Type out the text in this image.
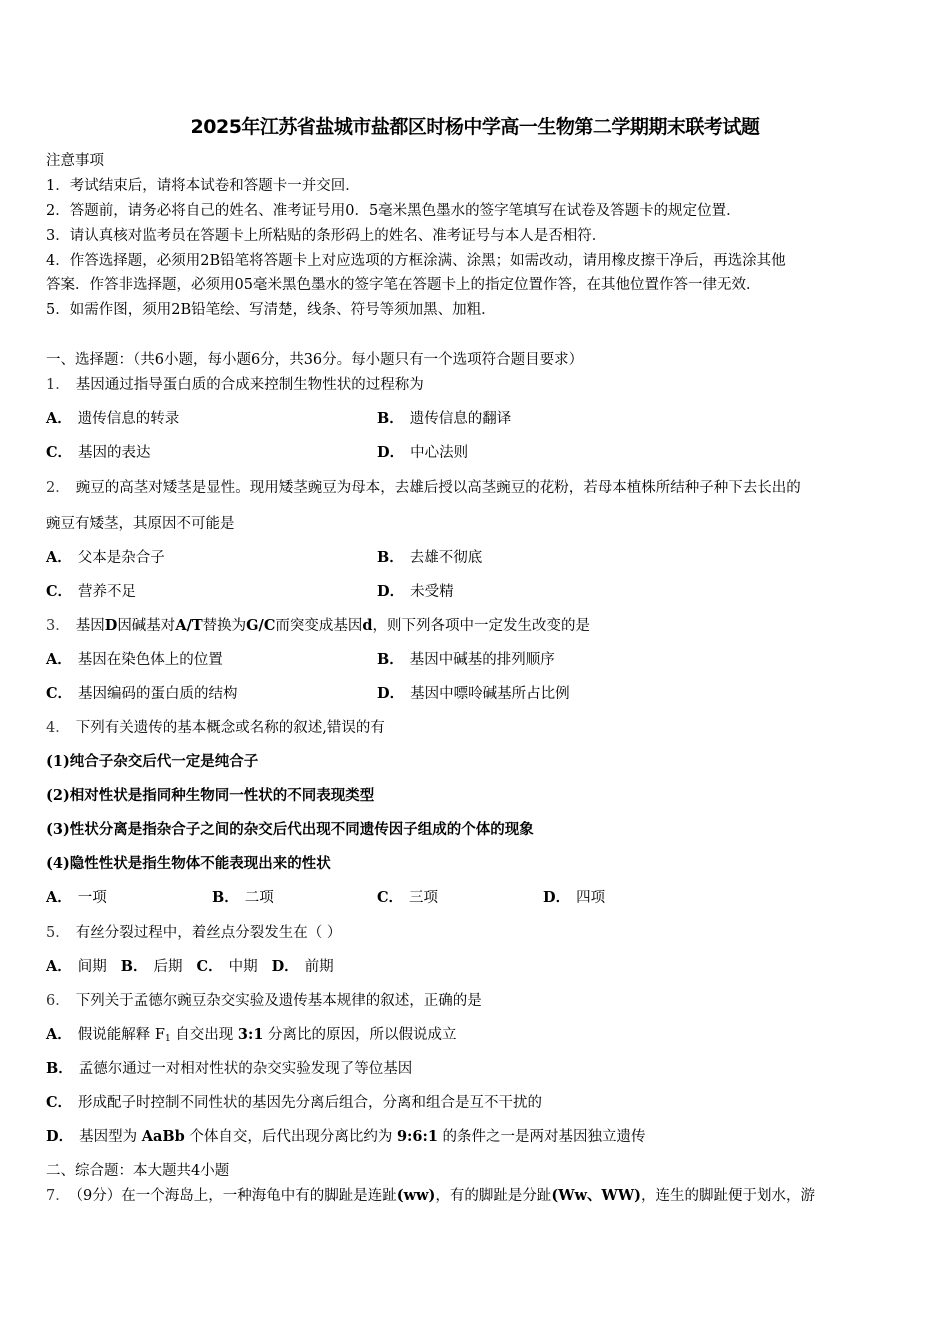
2025年江苏省盐城市盐都区时杨中学高一生物第二学期期末联考试题
注意事项
1．考试结束后，请将本试卷和答题卡一并交回．
2．答题前，请务必将自己的姓名、准考证号用0．5毫米黑色墨水的签字笔填写在试卷及答题卡的规定位置．
3．请认真核对监考员在答题卡上所粘贴的条形码上的姓名、准考证号与本人是否相符．
4．作答选择题，必须用2B铅笔将答题卡上对应选项的方框涂满、涂黑；如需改动，请用橡皮擦干净后，再选涂其他
答案．作答非选择题，必须用05毫米黑色墨水的签字笔在答题卡上的指定位置作答，在其他位置作答一律无效．
5．如需作图，须用2B铅笔绘、写清楚，线条、符号等须加黑、加粗．
一、选择题：（共6小题，每小题6分，共36分。每小题只有一个选项符合题目要求）
1． 基因通过指导蛋白质的合成来控制生物性状的过程称为
A． 遗传信息的转录	B． 遗传信息的翻译
C． 基因的表达	D． 中心法则
2． 豌豆的高茎对矮茎是显性。现用矮茎豌豆为母本，去雄后授以高茎豌豆的花粉，若母本植株所结种子种下去长出的
豌豆有矮茎，其原因不可能是
A． 父本是杂合子	B． 去雄不彻底
C． 营养不足	D． 未受精
3． 基因D因碱基对A/T替换为G/C而突变成基因d，则下列各项中一定发生改变的是
A． 基因在染色体上的位置	B． 基因中碱基的排列顺序
C． 基因编码的蛋白质的结构	D． 基因中嘌呤碱基所占比例
4． 下列有关遗传的基本概念或名称的叙述,错误的有
(1)纯合子杂交后代一定是纯合子
(2)相对性状是指同种生物同一性状的不同表现类型
(3)性状分离是指杂合子之间的杂交后代出现不同遗传因子组成的个体的现象
(4)隐性性状是指生物体不能表现出来的性状
A． 一项	B． 二项	C． 三项	D． 四项
5． 有丝分裂过程中，着丝点分裂发生在（ ）
A． 间期 B． 后期 C． 中期 D． 前期
6． 下列关于孟德尔豌豆杂交实验及遗传基本规律的叙述，正确的是
A． 假说能解释 $F_1$ 自交出现 3:1 分离比的原因，所以假说成立
B． 孟德尔通过一对相对性状的杂交实验发现了等位基因
C． 形成配子时控制不同性状的基因先分离后组合，分离和组合是互不干扰的
D． 基因型为 AaBb 个体自交，后代出现分离比约为 9:6:1 的条件之一是两对基因独立遗传
二、综合题：本大题共4小题
7． （9分）在一个海岛上，一种海龟中有的脚趾是连趾(ww)，有的脚趾是分趾(Ww、WW)，连生的脚趾便于划水，游
